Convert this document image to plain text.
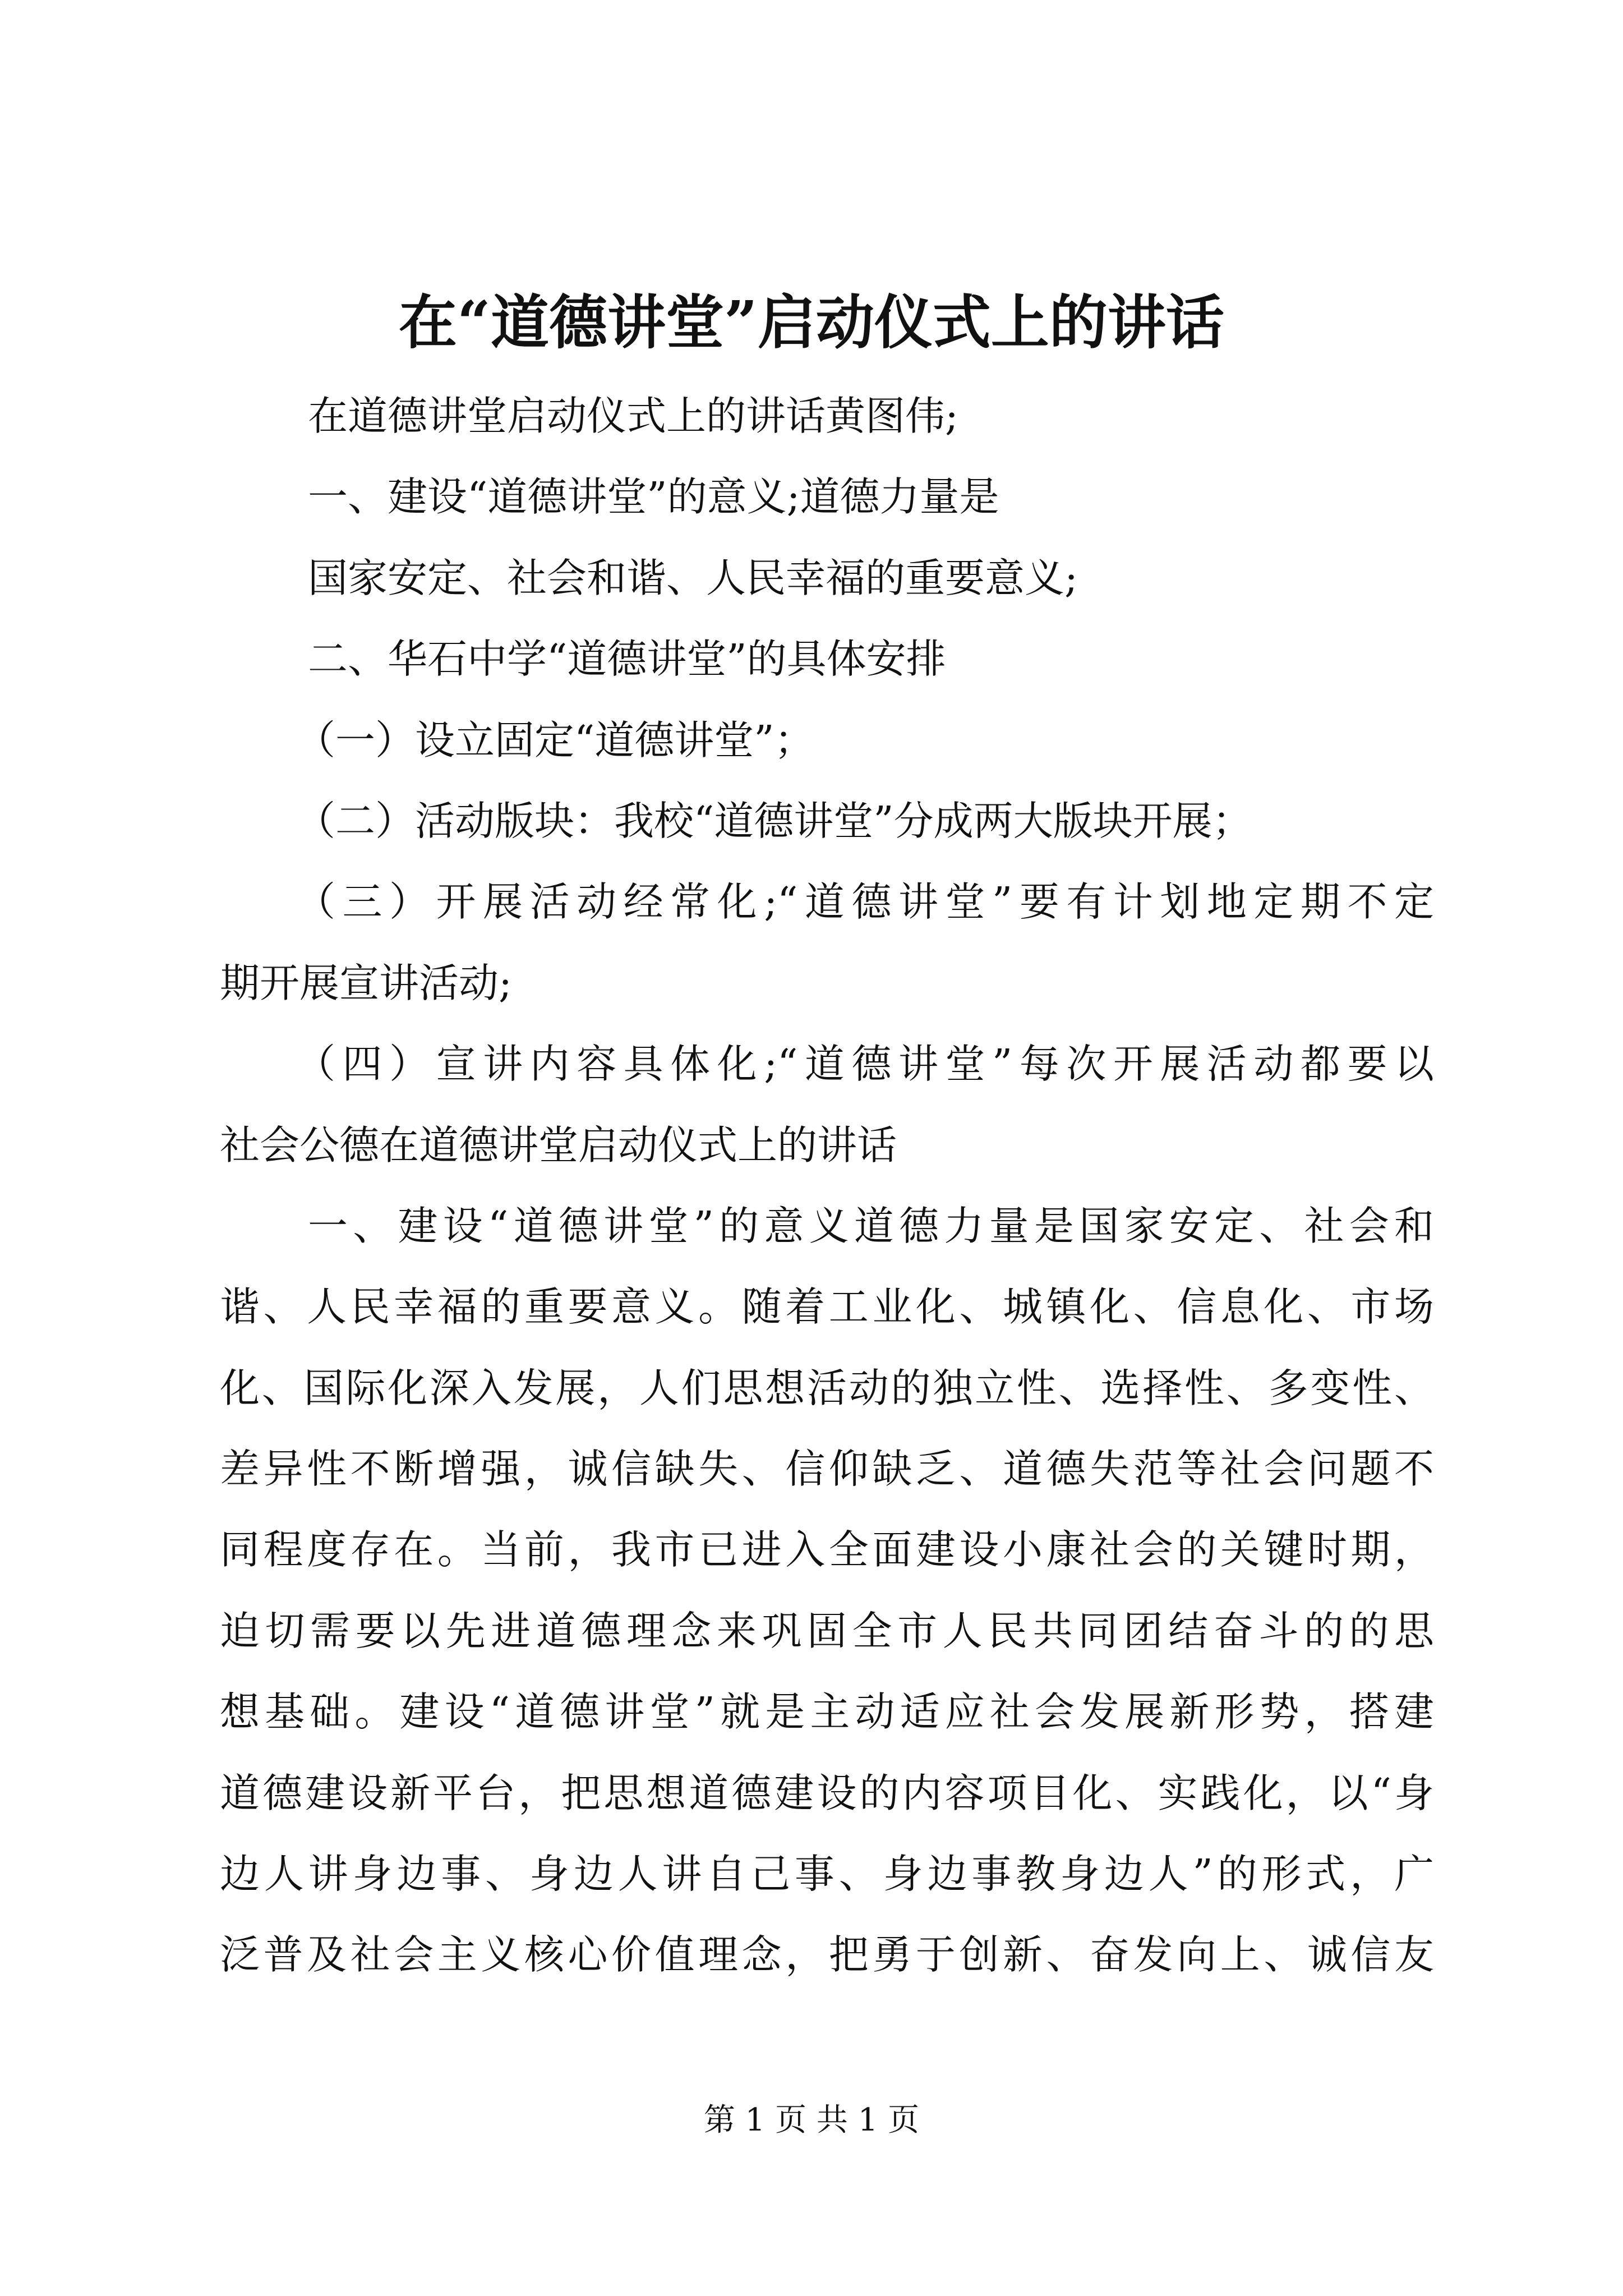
在“道德讲堂”启动仪式上的讲话
在道德讲堂启动仪式上的讲话黄图伟;
一、建设“道德讲堂”的意义;道德力量是
国家安定、社会和谐、人民幸福的重要意义;
二、华石中学“道德讲堂”的具体安排
（一）设立固定“道德讲堂”；
（二）活动版块：我校“道德讲堂”分成两大版块开展；
（三）开展活动经常化;“道德讲堂”要有计划地定期不定
期开展宣讲活动;
（四）宣讲内容具体化;“道德讲堂”每次开展活动都要以
社会公德在道德讲堂启动仪式上的讲话
一、建设“道德讲堂”的意义道德力量是国家安定、社会和
谐、人民幸福的重要意义。随着工业化、城镇化、信息化、市场
化、国际化深入发展，人们思想活动的独立性、选择性、多变性、
差异性不断增强，诚信缺失、信仰缺乏、道德失范等社会问题不
同程度存在。当前，我市已进入全面建设小康社会的关键时期，
迫切需要以先进道德理念来巩固全市人民共同团结奋斗的的思
想基础。建设“道德讲堂”就是主动适应社会发展新形势，搭建
道德建设新平台，把思想道德建设的内容项目化、实践化，以“身
边人讲身边事、身边人讲自己事、身边事教身边人”的形式，广
泛普及社会主义核心价值理念，把勇于创新、奋发向上、诚信友
第 1 页 共 1 页
